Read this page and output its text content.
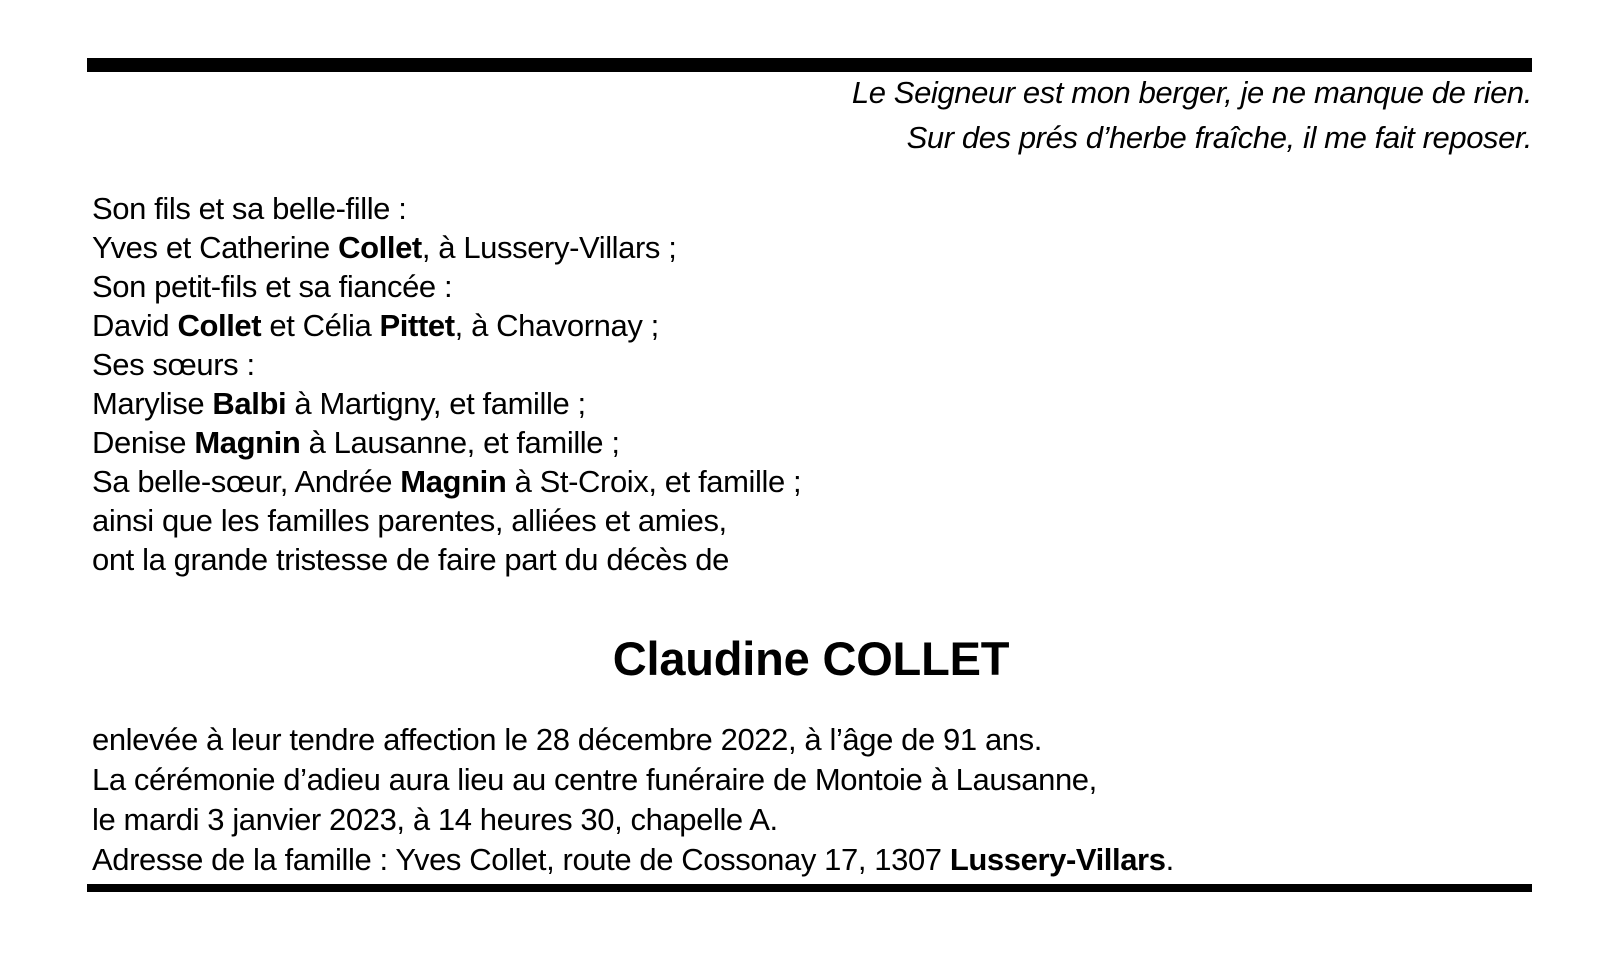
Le Seigneur est mon berger, je ne manque de rien.
Sur des prés d’herbe fraîche, il me fait reposer.
Son fils et sa belle-fille :
Yves et Catherine Collet, à Lussery-Villars ;
Son petit-fils et sa fiancée :
David Collet et Célia Pittet, à Chavornay ;
Ses sœurs :
Marylise Balbi à Martigny, et famille ;
Denise Magnin à Lausanne, et famille ;
Sa belle-sœur, Andrée Magnin à St-Croix, et famille ;
ainsi que les familles parentes, alliées et amies,
ont la grande tristesse de faire part du décès de
Claudine COLLET
enlevée à leur tendre affection le 28 décembre 2022, à l’âge de 91 ans.
La cérémonie d’adieu aura lieu au centre funéraire de Montoie à Lausanne,
le mardi 3 janvier 2023, à 14 heures 30, chapelle A.
Adresse de la famille : Yves Collet, route de Cossonay 17, 1307 Lussery-Villars.
